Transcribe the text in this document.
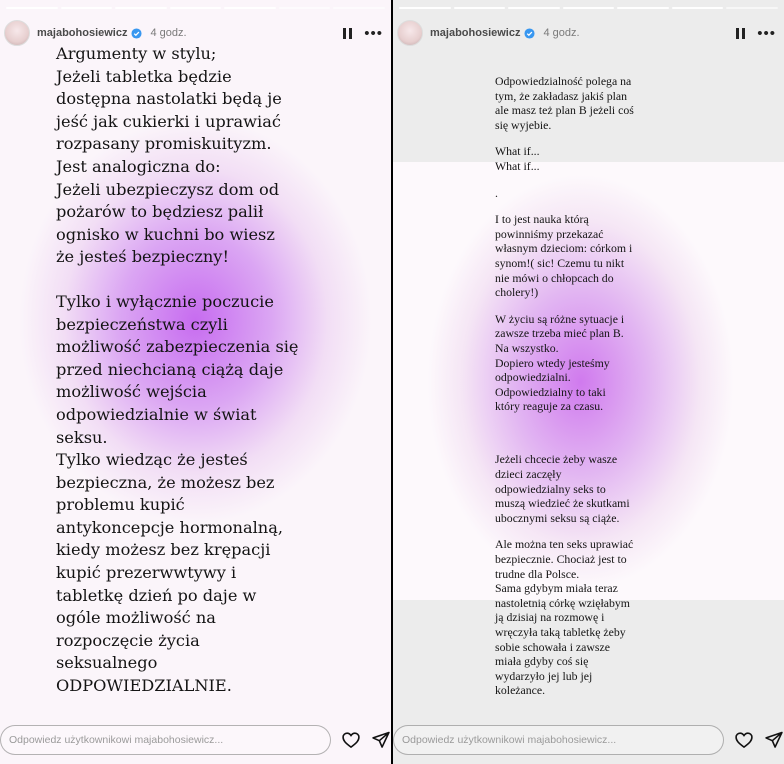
majabohosiewicz 4 godz.	•••

Argumenty w stylu;

Jeżeli tabletka będzie

dostępna nastolatki będą je

jeść jak cukierki i uprawiać

rozpasany promiskuityzm.

Jest analogiczna do:

Jeżeli ubezpieczysz dom od

pożarów to będziesz palił

ognisko w kuchni bo wiesz

że jesteś bezpieczny!

Tylko i wyłącznie poczucie

bezpieczeństwa czyli

możliwość zabezpieczenia się

przed niechcianą ciążą daje

możliwość wejścia

odpowiedzialnie w świat

seksu.

Tylko wiedząc że jesteś

bezpieczna, że możesz bez

problemu kupić

antykoncepcje hormonalną,

kiedy możesz bez krępacji

kupić prezerwwtywy i

tabletkę dzień po daje w

ogóle możliwość na

rozpoczęcie życia

seksualnego

ODPOWIEDZIALNIE.

Odpowiedz użytkownikowi majabohosiewicz...
majabohosiewicz 4 godz.	•••

Odpowiedzialność polega na

tym, że zakładasz jakiś plan

ale masz też plan B jeżeli coś

się wyjebie.

What if...

What if...

.

I to jest nauka którą

powinniśmy przekazać

własnym dzieciom: córkom i

synom!( sic! Czemu tu nikt

nie mówi o chłopcach do

cholery!)

W życiu są różne sytuacje i

zawsze trzeba mieć plan B.

Na wszystko.

Dopiero wtedy jesteśmy

odpowiedzialni.

Odpowiedzialny to taki

który reaguje za czasu.

Jeżeli chcecie żeby wasze

dzieci zaczęły

odpowiedzialny seks to

muszą wiedzieć że skutkami

ubocznymi seksu są ciąże.

Ale można ten seks uprawiać

bezpiecznie. Chociaż jest to

trudne dla Polsce.

Sama gdybym miała teraz

nastoletnią córkę wzięłabym

ją dzisiaj na rozmowę i

wręczyła taką tabletkę żeby

sobie schowała i zawsze

miała gdyby coś się

wydarzyło jej lub jej

koleżance.

Odpowiedz użytkownikowi majabohosiewicz...
